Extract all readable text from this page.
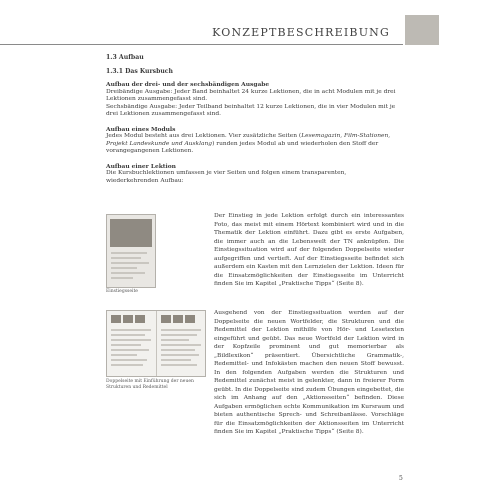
KONZEPTBESCHREIBUNG
1.3 Aufbau
1.3.1 Das Kursbuch
Aufbau der drei- und der sechsbändigen Ausgabe

Dreibändige Ausgabe: Jeder Band beinhaltet 24 kurze Lektionen, die in acht Modulen mit je drei Lektionen zusammengefasst sind.

Sechsbändige Ausgabe: Jeder Teilband beinhaltet 12 kurze Lektionen, die in vier Modulen mit je drei Lektionen zusammengefasst sind.

Aufbau eines Moduls

Jedes Modul besteht aus drei Lektionen. Vier zusätzliche Seiten (Lesemagazin, Film-Stationen, Projekt Landeskunde und Ausklang) runden jedes Modul ab und wiederholen den Stoff der vorangegangenen Lektionen.

Aufbau einer Lektion

Die Kursbuchlektionen umfassen je vier Seiten und folgen einem transparenten, wiederkehrenden Aufbau:

Einstiegsseite
Doppelseite mit Einführung der neuen Strukturen und Redemittel
Der Einstieg in jede Lektion erfolgt durch ein interessantes Foto, das meist mit einem Hörtext kombiniert wird und in die Thematik der Lektion einführt. Dazu gibt es erste Aufgaben, die immer auch an die Lebenswelt der TN anknüpfen. Die Einstiegssituation wird auf der folgenden Doppelseite wieder aufgegriffen und vertieft. Auf der Einstiegsseite befindet sich außerdem ein Kasten mit den Lernzielen der Lektion. Ideen für die Einsatzmöglichkeiten der Einstiegsseite im Unterricht finden Sie im Kapitel „Praktische Tipps“ (Seite 8).
Ausgehend von der Einstiegssituation werden auf der Doppelseite die neuen Wortfelder, die Strukturen und die Redemittel der Lektion mithilfe von Hör- und Lesetexten eingeführt und geübt. Das neue Wortfeld der Lektion wird in der Kopfzeile prominent und gut memorierbar als „Bildlexikon“ präsentiert. Übersichtliche Grammatik-, Redemittel- und Infokästen machen den neuen Stoff bewusst. In den folgenden Aufgaben werden die Strukturen und Redemittel zunächst meist in gelenkter, dann in freierer Form geübt. In die Doppelseite sind zudem Übungen eingebettet, die sich im Anhang auf den „Aktionsseiten“ befinden. Diese Aufgaben ermöglichen echte Kommunikation im Kursraum und bieten authentische Sprech- und Schreibanlässe. Vorschläge für die Einsatzmöglichkeiten der Aktionsseiten im Unterricht finden Sie im Kapitel „Praktische Tipps“ (Seite 8).
5
